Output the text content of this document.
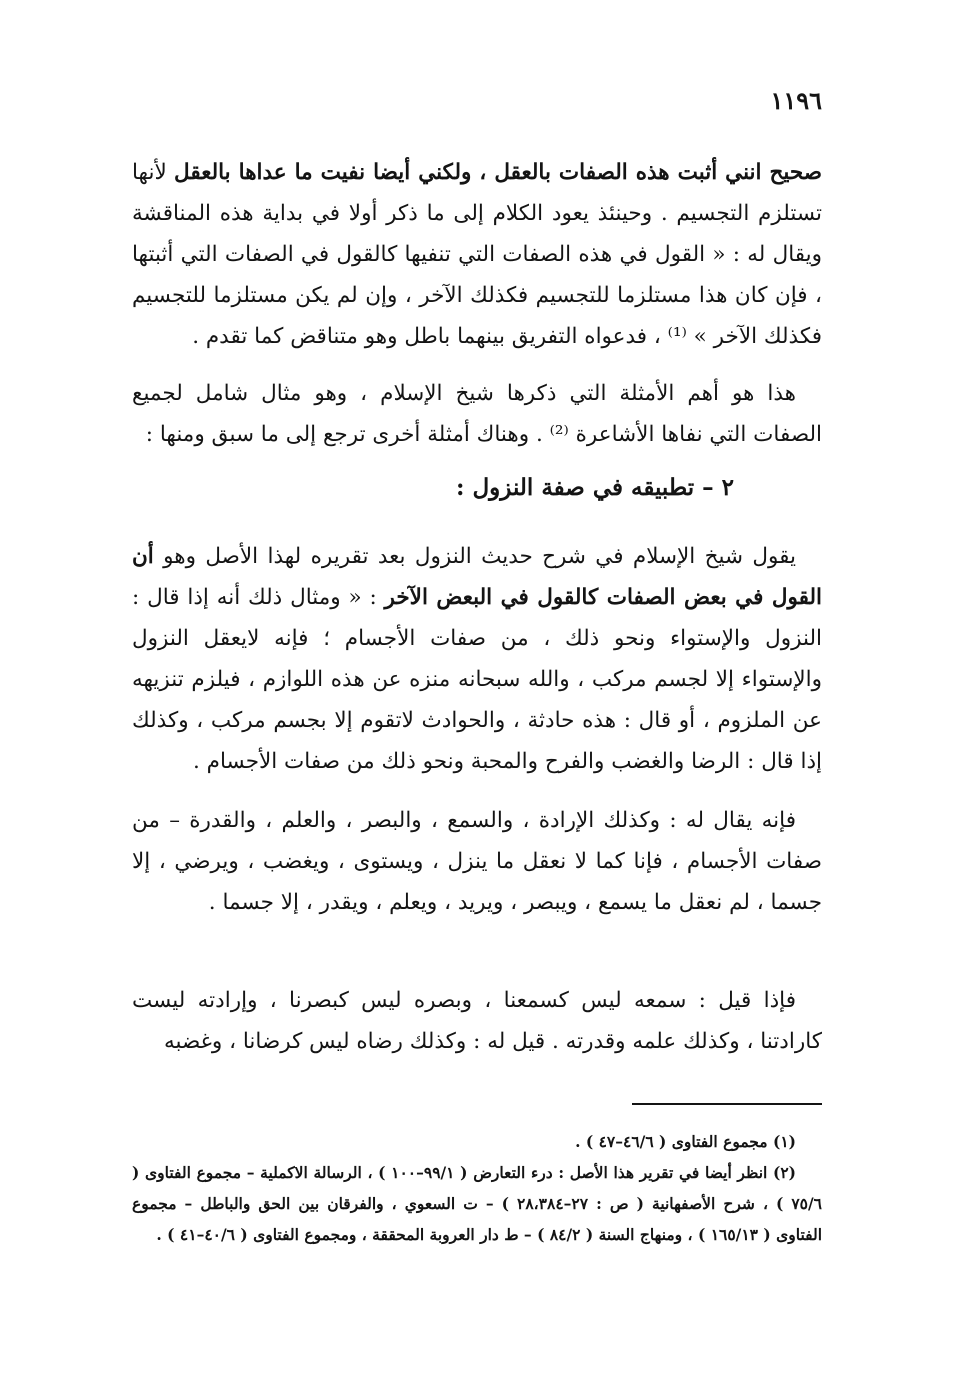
١١٩٦

صحيح انني أثبت هذه الصفات بالعقل ، ولكني أيضا نفيت ما عداها بالعقل لأنها تستلزم التجسيم . وحينئذ يعود الكلام إلى ما ذكر أولا في بداية هذه المناقشة ويقال له : « القول في هذه الصفات التي تنفيها كالقول في الصفات التي أثبتها ، فإن كان هذا مستلزما للتجسيم فكذلك الآخر ، وإن لم يكن مستلزما للتجسيم فكذلك الآخر » ⁽¹⁾ ، فدعواه التفريق بينهما باطل وهو متناقض كما تقدم .

هذا هو أهم الأمثلة التي ذكرها شيخ الإسلام ، وهو مثال شامل لجميع الصفات التي نفاها الأشاعرة ⁽²⁾ . وهناك أمثلة أخرى ترجع إلى ما سبق ومنها :

٢ – تطبيقه في صفة النزول :

يقول شيخ الإسلام في شرح حديث النزول بعد تقريره لهذا الأصل وهو أن القول في بعض الصفات كالقول في البعض الآخر : « ومثال ذلك أنه إذا قال : النزول والإستواء ونحو ذلك ، من صفات الأجسام ؛ فإنه لايعقل النزول والإستواء إلا لجسم مركب ، والله سبحانه منزه عن هذه اللوازم ، فيلزم تنزيهه عن الملزوم ، أو قال : هذه حادثة ، والحوادث لاتقوم إلا بجسم مركب ، وكذلك إذا قال : الرضا والغضب والفرح والمحبة ونحو ذلك من صفات الأجسام .

فإنه يقال له : وكذلك الإرادة ، والسمع ، والبصر ، والعلم ، والقدرة – من صفات الأجسام ، فإنا كما لا نعقل ما ينزل ، ويستوى ، ويغضب ، ويرضي ، إلا جسما ، لم نعقل ما يسمع ، ويبصر ، ويريد ، ويعلم ، ويقدر ، إلا جسما .

فإذا قيل : سمعه ليس كسمعنا ، وبصره ليس كبصرنا ، وإرادته ليست كارادتنا ، وكذلك علمه وقدرته . قيل له : وكذلك رضاه ليس كرضانا ، وغضبه

(١) مجموع الفتاوى ( ٤٦/٦–٤٧ ) .

(٢) انظر أيضا في تقرير هذا الأصل : درء التعارض ( ٩٩/١–١٠٠ ) ، الرسالة الاكملية – مجموع الفتاوى ( ٧٥/٦ ) ، شرح الأصفهانية ( ص : ٢٧–٢٨،٣٨٤ ) – ت السعوي ، والفرقان بين الحق والباطل – مجموع الفتاوى ( ١٦٥/١٣ ) ، ومنهاج السنة ( ٨٤/٢ ) – ط دار العروبة المحققة ، ومجموع الفتاوى ( ٤٠/٦–٤١ ) .
